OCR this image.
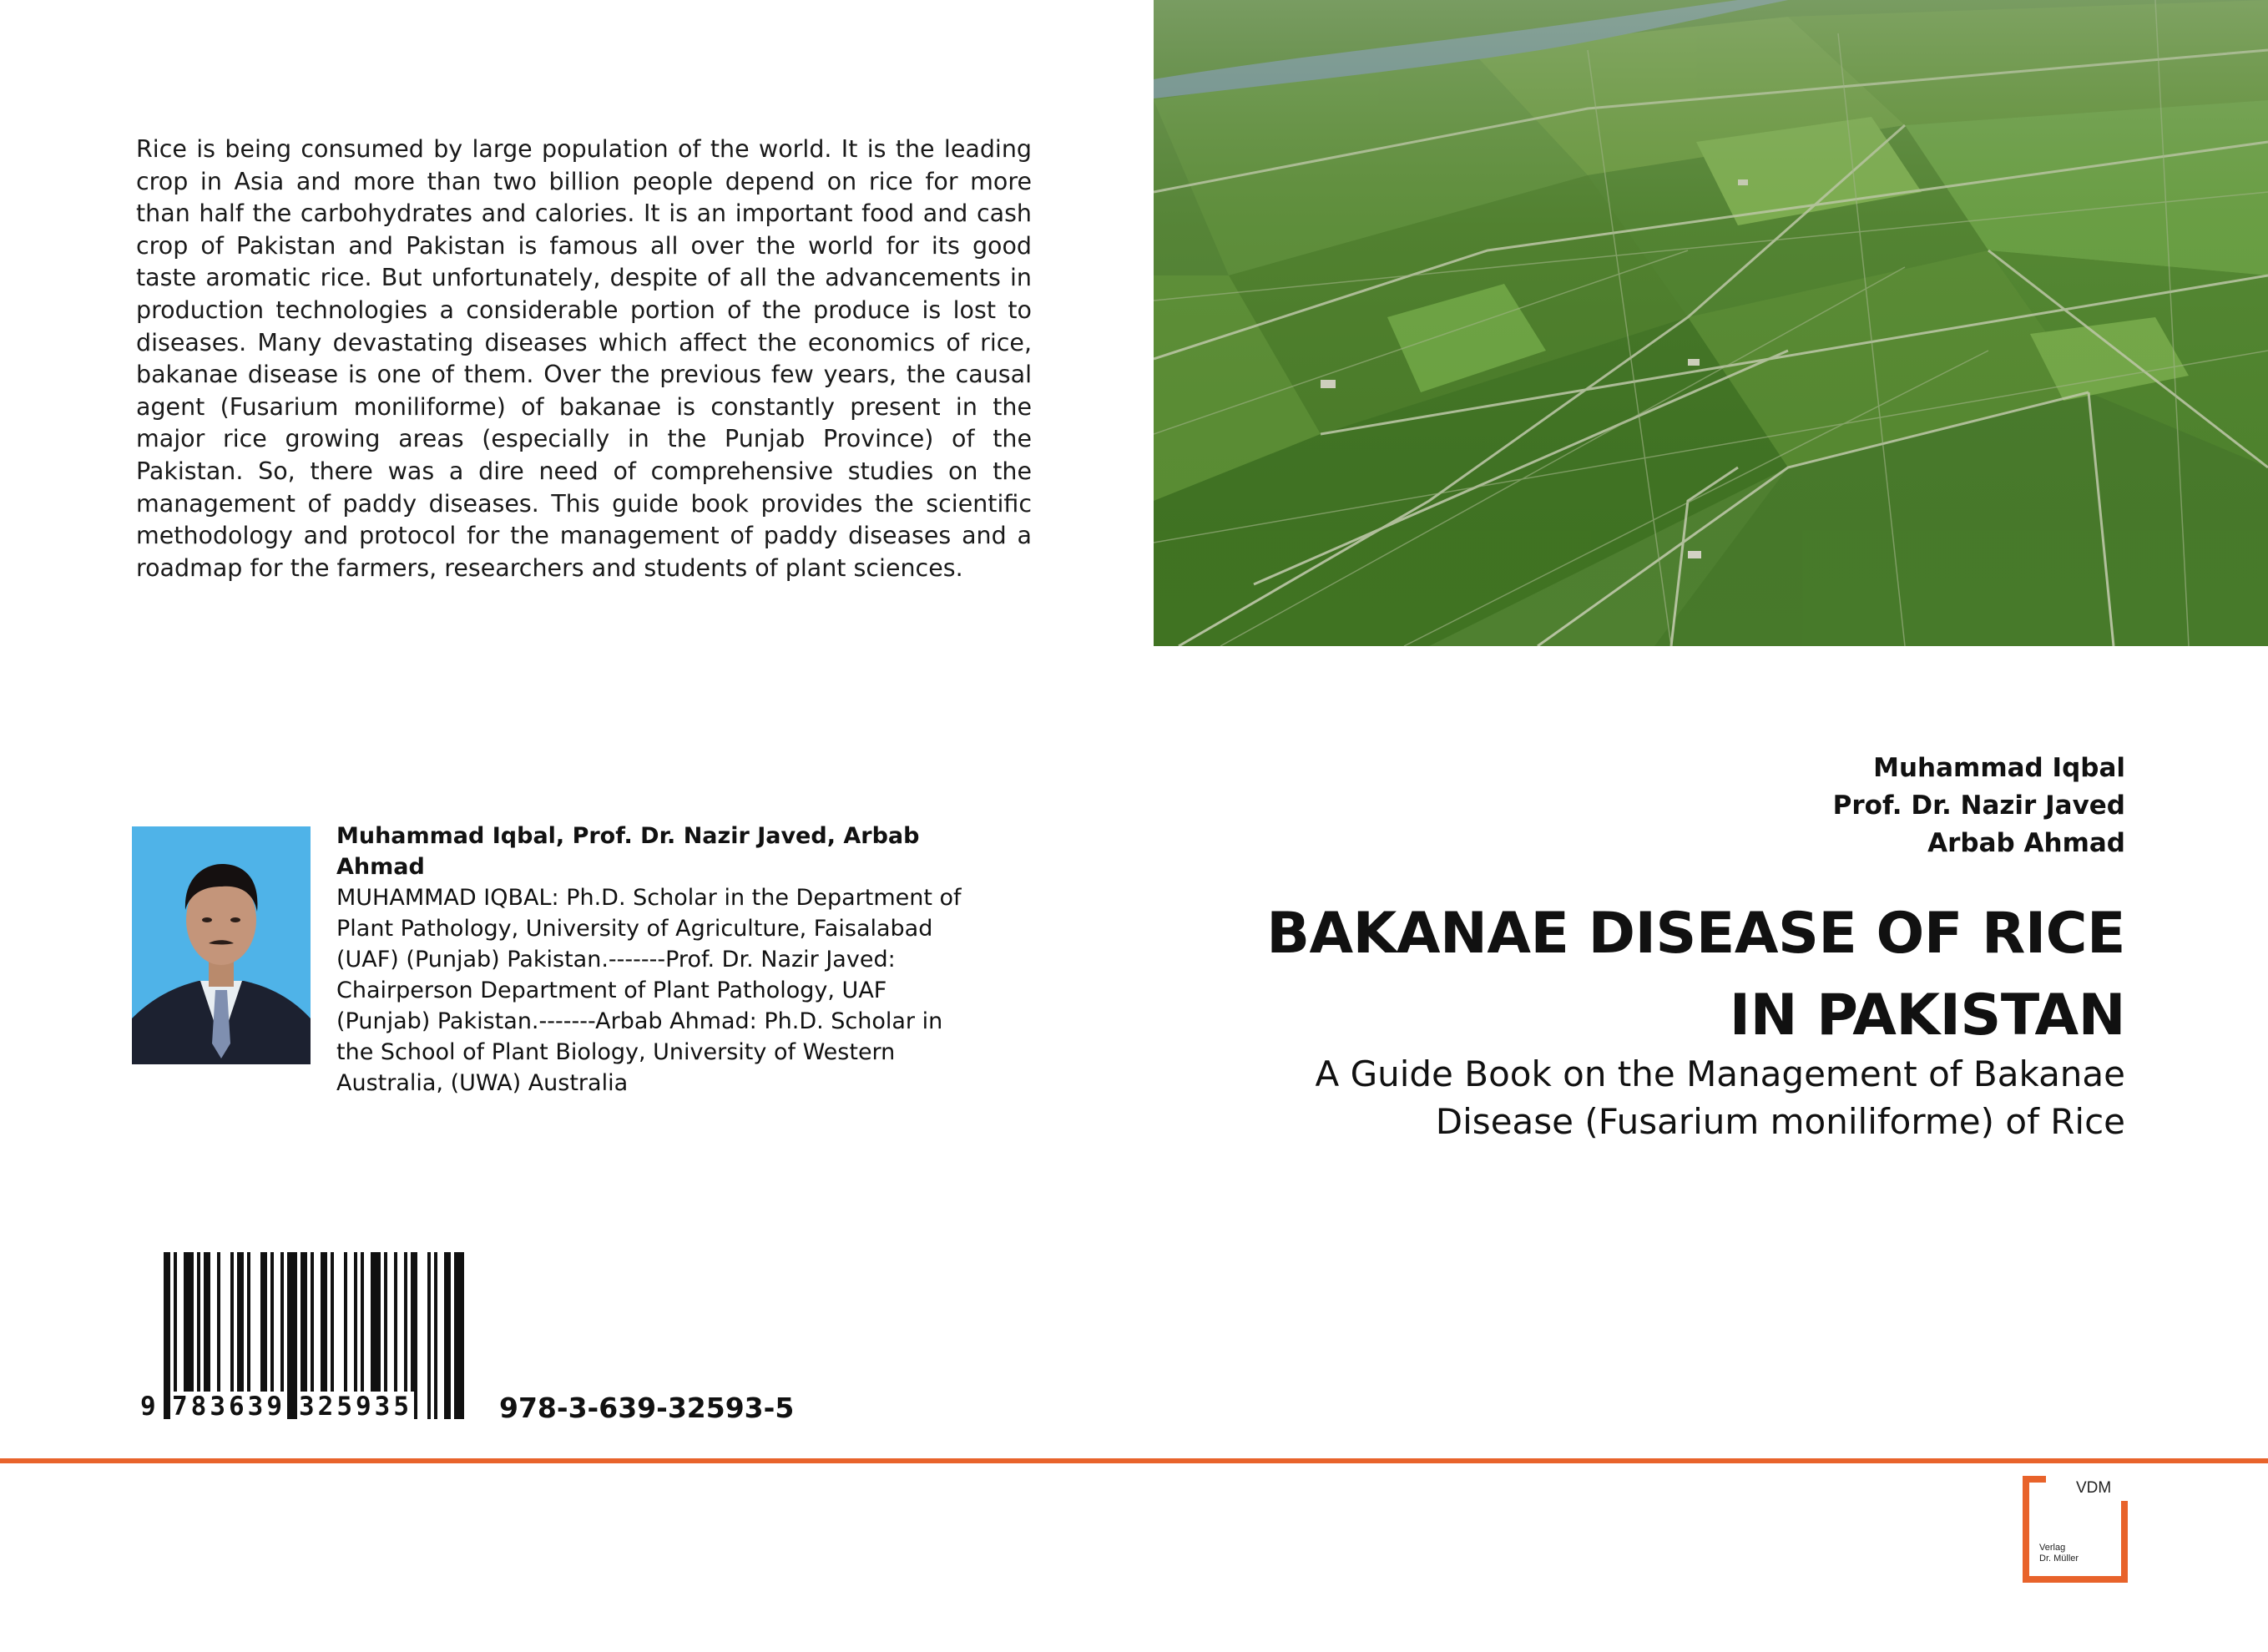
Rice is being consumed by large population of the world. It is the leading crop in Asia and more than two billion people depend on rice for more than half the carbohydrates and calories. It is an important food and cash crop of Pakistan and Pakistan is famous all over the world for its good taste aromatic rice. But unfortunately, despite of all the advancements in production technologies a considerable portion of the produce is lost to diseases. Many devastating diseases which affect the economics of rice, bakanae disease is one of them. Over the previous few years, the causal agent (Fusarium moniliforme) of bakanae is constantly present in the major rice growing areas (especially in the Punjab Province) of the Pakistan. So, there was a dire need of comprehensive studies on the management of paddy diseases. This guide book provides the scientific methodology and protocol for the management of paddy diseases and a roadmap for the farmers, researchers and students of plant sciences.
Muhammad Iqbal
Prof. Dr. Nazir Javed
Arbab Ahmad
BAKANAE DISEASE OF RICE
IN PAKISTAN
A Guide Book on the Management of Bakanae
Disease (Fusarium moniliforme) of Rice
Muhammad Iqbal, Prof. Dr. Nazir Javed, Arbab Ahmad
MUHAMMAD IQBAL: Ph.D. Scholar in the Department of Plant Pathology, University of Agriculture, Faisalabad (UAF) (Punjab) Pakistan.-------Prof. Dr. Nazir Javed: Chairperson Department of Plant Pathology, UAF (Punjab) Pakistan.-------Arbab Ahmad: Ph.D. Scholar in the School of Plant Biology, University of Western Australia, (UWA) Australia
9 783639 325935	978-3-639-32593-5
VDM
Verlag
Dr. Müller
